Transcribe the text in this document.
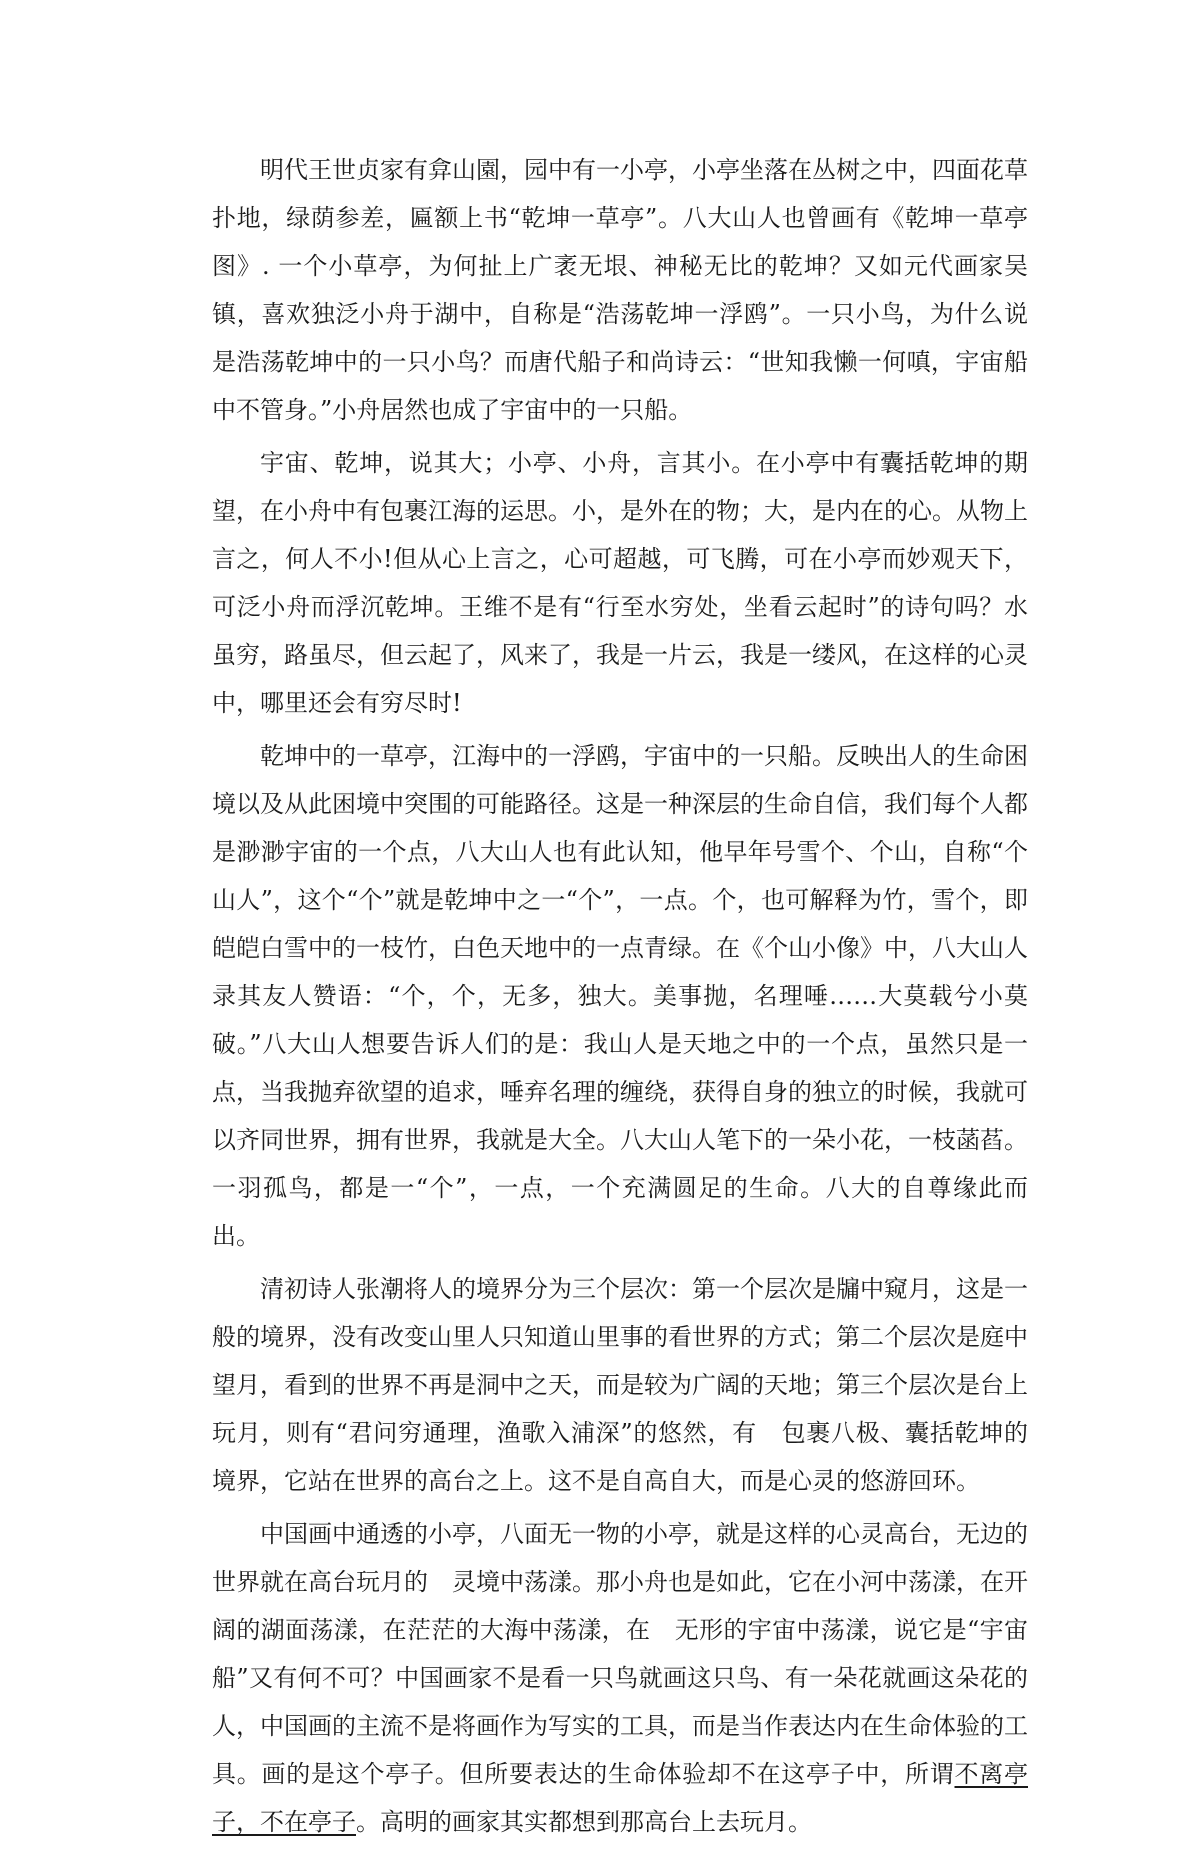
明代王世贞家有弇山園，园中有一小亭，小亭坐落在丛树之中，四面花草扑地，绿荫参差，匾额上书“乾坤一草亭”。八大山人也曾画有《乾坤一草亭图》. 一个小草亭，为何扯上广袤无垠、神秘无比的乾坤？又如元代画家吴镇，喜欢独泛小舟于湖中，自称是“浩荡乾坤一浮鸥”。一只小鸟，为什么说是浩荡乾坤中的一只小鸟？而唐代船子和尚诗云：“世知我懒一何嗔，宇宙船中不管身。”小舟居然也成了宇宙中的一只船。

宇宙、乾坤，说其大；小亭、小舟，言其小。在小亭中有囊括乾坤的期望，在小舟中有包裹江海的运思。小，是外在的物；大，是内在的心。从物上言之，何人不小!但从心上言之，心可超越，可飞腾，可在小亭而妙观天下，可泛小舟而浮沉乾坤。王维不是有“行至水穷处，坐看云起时”的诗句吗？水虽穷，路虽尽，但云起了，风来了，我是一片云，我是一缕风，在这样的心灵中，哪里还会有穷尽时!

乾坤中的一草亭，江海中的一浮鸥，宇宙中的一只船。反映出人的生命困境以及从此困境中突围的可能路径。这是一种深层的生命自信，我们每个人都是渺渺宇宙的一个点，八大山人也有此认知，他早年号雪个、个山，自称“个山人”，这个“个”就是乾坤中之一“个”，一点。个，也可解释为竹，雪个，即皑皑白雪中的一枝竹，白色天地中的一点青绿。在《个山小像》中，八大山人录其友人赞语：“个，个，无多，独大。美事抛，名理唾……大莫载兮小莫破。”八大山人想要告诉人们的是：我山人是天地之中的一个点，虽然只是一点，当我抛弃欲望的追求，唾弃名理的缠绕，获得自身的独立的时候，我就可以齐同世界，拥有世界，我就是大全。八大山人笔下的一朵小花，一枝菡萏。一羽孤鸟，都是一“个”，一点，一个充满圆足的生命。八大的自尊缘此而出。

清初诗人张潮将人的境界分为三个层次：第一个层次是牖中窥月，这是一般的境界，没有改变山里人只知道山里事的看世界的方式；第二个层次是庭中望月，看到的世界不再是洞中之天，而是较为广阔的天地；第三个层次是台上玩月，则有“君问穷通理，渔歌入浦深”的悠然，有　包裹八极、囊括乾坤的境界，它站在世界的高台之上。这不是自高自大，而是心灵的悠游回环。

中国画中通透的小亭，八面无一物的小亭，就是这样的心灵高台，无边的世界就在高台玩月的　灵境中荡漾。那小舟也是如此，它在小河中荡漾，在开阔的湖面荡漾，在茫茫的大海中荡漾，在　无形的宇宙中荡漾，说它是“宇宙船”又有何不可？中国画家不是看一只鸟就画这只鸟、有一朵花就画这朵花的人，中国画的主流不是将画作为写实的工具，而是当作表达内在生命体验的工具。画的是这个亭子。但所要表达的生命体验却不在这亭子中，所谓不离亭子，不在亭子。高明的画家其实都想到那高台上去玩月。
